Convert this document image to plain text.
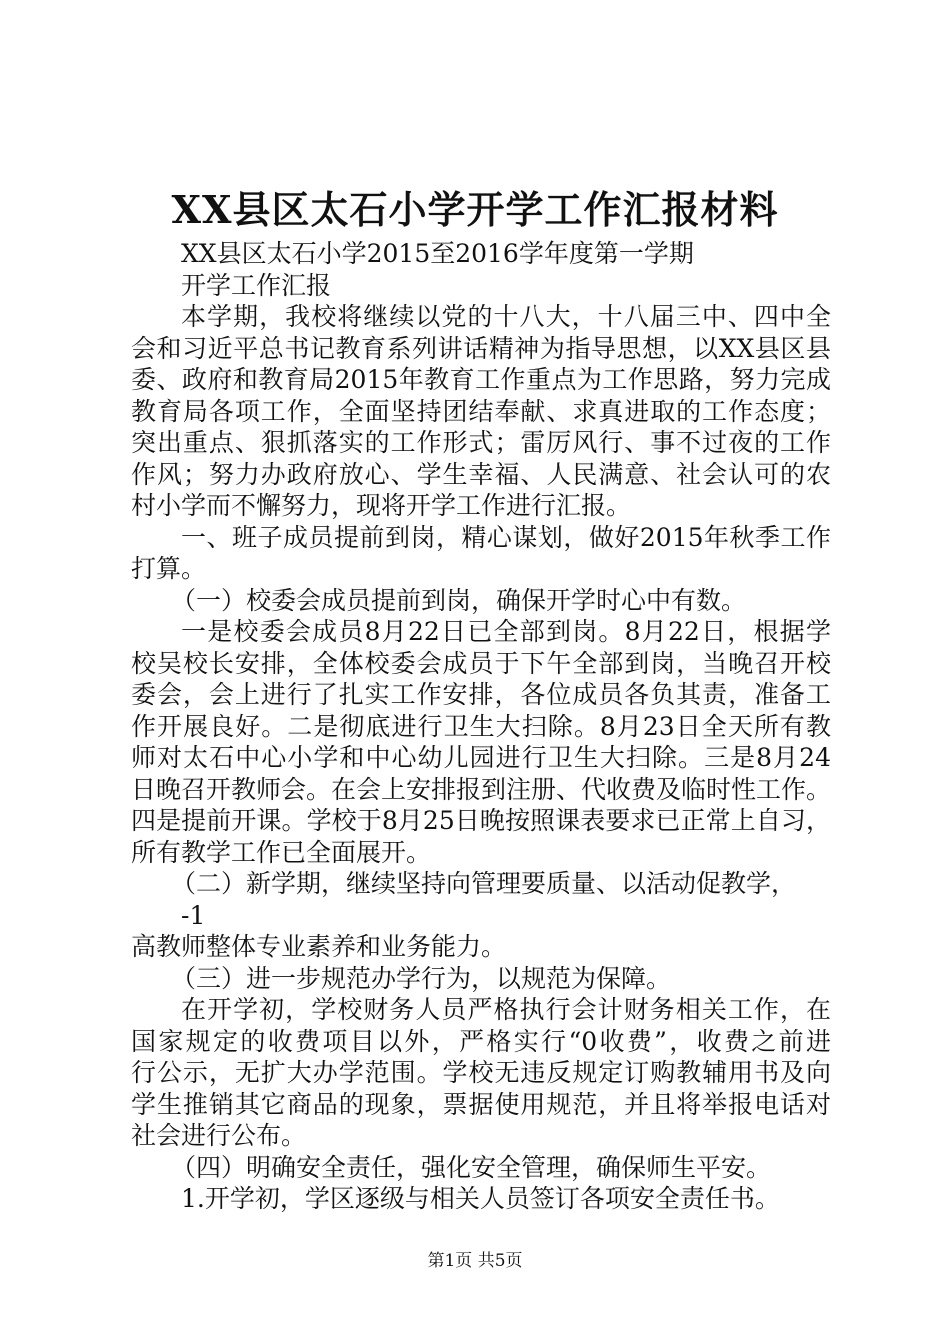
XX县区太石小学开学工作汇报材料
XX县区太石小学2015至2016学年度第一学期
开学工作汇报
本学期，我校将继续以党的十八大，十八届三中、四中全
会和习近平总书记教育系列讲话精神为指导思想，以XX县区县
委、政府和教育局2015年教育工作重点为工作思路，努力完成
教育局各项工作，全面坚持团结奉献、求真进取的工作态度；
突出重点、狠抓落实的工作形式；雷厉风行、事不过夜的工作
作风；努力办政府放心、学生幸福、人民满意、社会认可的农
村小学而不懈努力，现将开学工作进行汇报。
一、班子成员提前到岗，精心谋划，做好2015年秋季工作
打算。
（一）校委会成员提前到岗，确保开学时心中有数。
一是校委会成员8月22日已全部到岗。8月22日，根据学
校吴校长安排，全体校委会成员于下午全部到岗，当晚召开校
委会，会上进行了扎实工作安排，各位成员各负其责，准备工
作开展良好。二是彻底进行卫生大扫除。8月23日全天所有教
师对太石中心小学和中心幼儿园进行卫生大扫除。三是8月24
日晚召开教师会。在会上安排报到注册、代收费及临时性工作。
四是提前开课。学校于8月25日晚按照课表要求已正常上自习，
所有教学工作已全面展开。
（二）新学期，继续坚持向管理要质量、以活动促教学，
-1
高教师整体专业素养和业务能力。
（三）进一步规范办学行为，以规范为保障。
在开学初，学校财务人员严格执行会计财务相关工作，在
国家规定的收费项目以外，严格实行“0收费”，收费之前进
行公示，无扩大办学范围。学校无违反规定订购教辅用书及向
学生推销其它商品的现象，票据使用规范，并且将举报电话对
社会进行公布。
（四）明确安全责任，强化安全管理，确保师生平安。
1.开学初，学区逐级与相关人员签订各项安全责任书。
第1页 共5页
